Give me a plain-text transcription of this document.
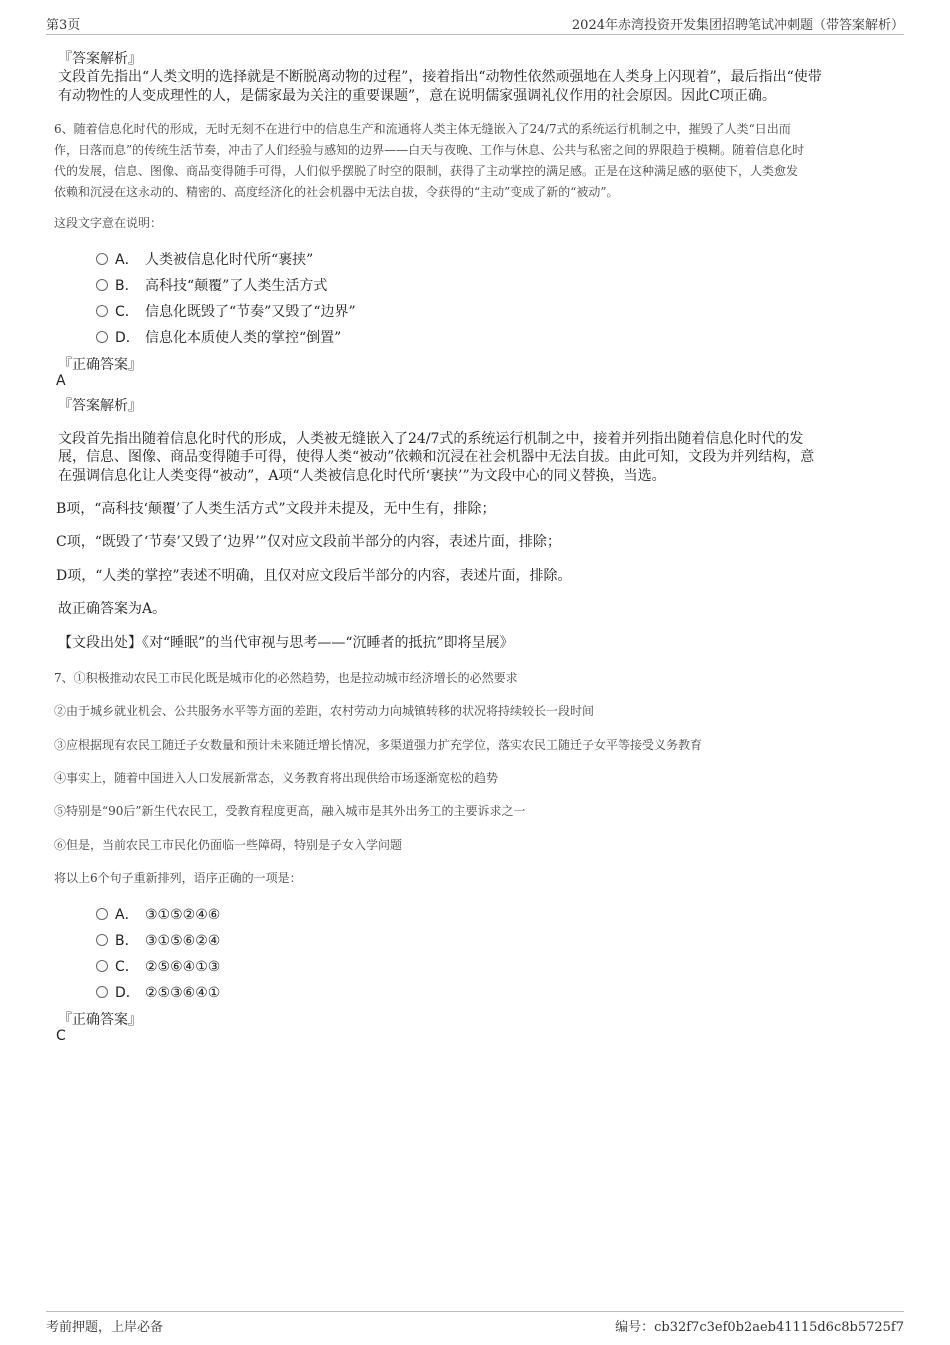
第3页	2024年赤湾投资开发集团招聘笔试冲刺题（带答案解析）
『答案解析』
文段首先指出“人类文明的选择就是不断脱离动物的过程”，接着指出“动物性依然顽强地在人类身上闪现着”，最后指出“使带
有动物性的人变成理性的人，是儒家最为关注的重要课题”，意在说明儒家强调礼仪作用的社会原因。因此C项正确。
6、随着信息化时代的形成，无时无刻不在进行中的信息生产和流通将人类主体无缝嵌入了24/7式的系统运行机制之中，摧毁了人类“日出而
作，日落而息”的传统生活节奏，冲击了人们经验与感知的边界——白天与夜晚、工作与休息、公共与私密之间的界限趋于模糊。随着信息化时
代的发展，信息、图像、商品变得随手可得，人们似乎摆脱了时空的限制，获得了主动掌控的满足感。正是在这种满足感的驱使下，人类愈发
依赖和沉浸在这永动的、精密的、高度经济化的社会机器中无法自拔，令获得的“主动”变成了新的“被动”。
这段文字意在说明：
A． 人类被信息化时代所“裹挟”
B． 高科技“颠覆”了人类生活方式
C． 信息化既毁了“节奏”又毁了“边界”
D． 信息化本质使人类的掌控“倒置”
『正确答案』
A
『答案解析』
文段首先指出随着信息化时代的形成，人类被无缝嵌入了24/7式的系统运行机制之中，接着并列指出随着信息化时代的发
展，信息、图像、商品变得随手可得，使得人类“被动”依赖和沉浸在社会机器中无法自拔。由此可知，文段为并列结构，意
在强调信息化让人类变得“被动”，A项“人类被信息化时代所‘裹挟’”为文段中心的同义替换，当选。
B项，“高科技‘颠覆’了人类生活方式”文段并未提及，无中生有，排除；
C项，“既毁了‘节奏’又毁了‘边界’”仅对应文段前半部分的内容，表述片面，排除；
D项，“人类的掌控”表述不明确，且仅对应文段后半部分的内容，表述片面，排除。
故正确答案为A。
【文段出处】《对“睡眠”的当代审视与思考——“沉睡者的抵抗”即将呈展》
7、①积极推动农民工市民化既是城市化的必然趋势，也是拉动城市经济增长的必然要求
②由于城乡就业机会、公共服务水平等方面的差距，农村劳动力向城镇转移的状况将持续较长一段时间
③应根据现有农民工随迁子女数量和预计未来随迁增长情况，多渠道强力扩充学位，落实农民工随迁子女平等接受义务教育
④事实上，随着中国进入人口发展新常态，义务教育将出现供给市场逐渐宽松的趋势
⑤特别是“90后”新生代农民工，受教育程度更高，融入城市是其外出务工的主要诉求之一
⑥但是，当前农民工市民化仍面临一些障碍，特别是子女入学问题
将以上6个句子重新排列，语序正确的一项是：
A． ③①⑤②④⑥
B． ③①⑤⑥②④
C． ②⑤⑥④①③
D． ②⑤③⑥④①
『正确答案』
C
考前押题，上岸必备	编号：cb32f7c3ef0b2aeb41115d6c8b5725f7
